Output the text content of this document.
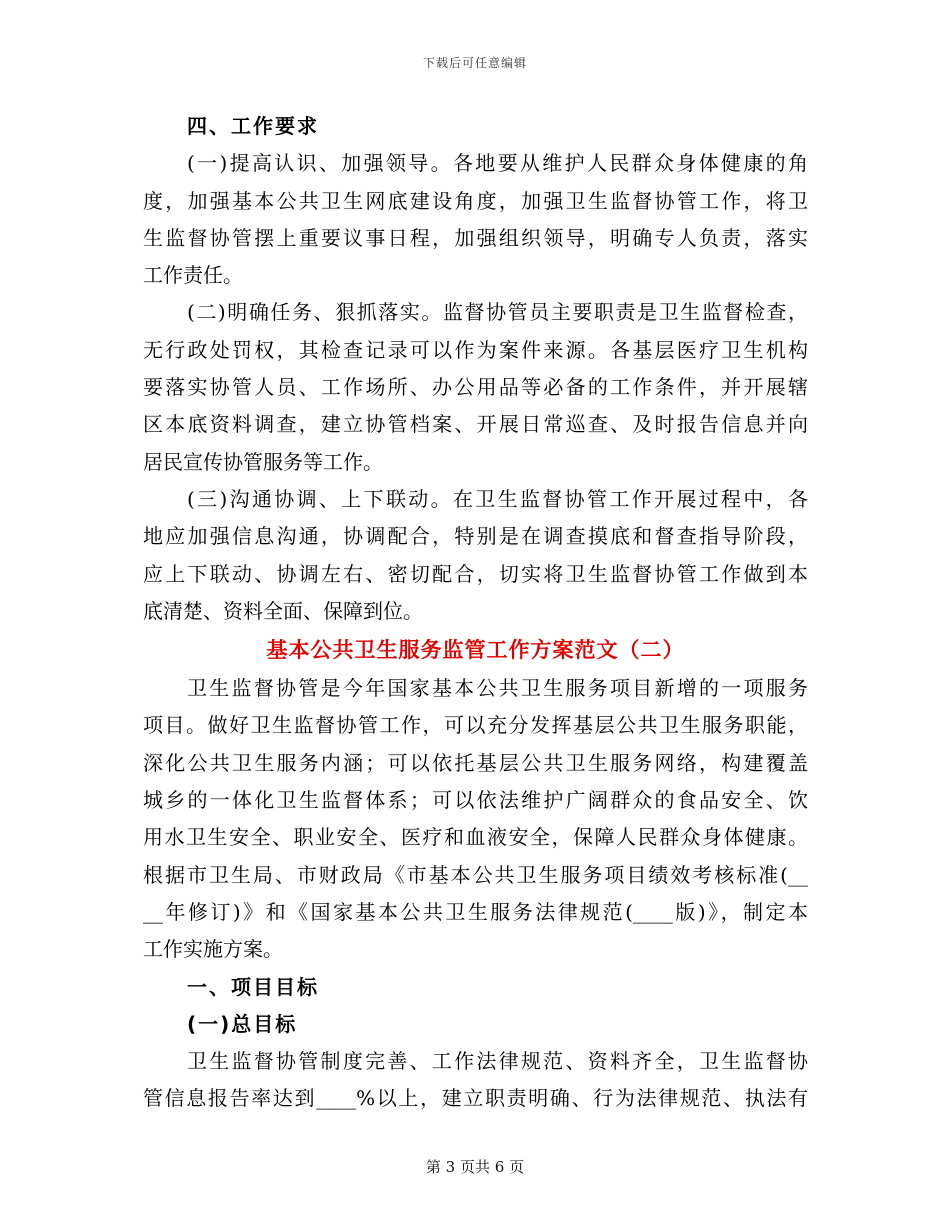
下载后可任意编辑
四、工作要求
(一)提高认识、加强领导。各地要从维护人民群众身体健康的角
度，加强基本公共卫生网底建设角度，加强卫生监督协管工作，将卫
生监督协管摆上重要议事日程，加强组织领导，明确专人负责，落实
工作责任。
(二)明确任务、狠抓落实。监督协管员主要职责是卫生监督检查，
无行政处罚权，其检查记录可以作为案件来源。各基层医疗卫生机构
要落实协管人员、工作场所、办公用品等必备的工作条件，并开展辖
区本底资料调查，建立协管档案、开展日常巡查、及时报告信息并向
居民宣传协管服务等工作。
(三)沟通协调、上下联动。在卫生监督协管工作开展过程中，各
地应加强信息沟通，协调配合，特别是在调查摸底和督查指导阶段，
应上下联动、协调左右、密切配合，切实将卫生监督协管工作做到本
底清楚、资料全面、保障到位。
基本公共卫生服务监管工作方案范文（二）
卫生监督协管是今年国家基本公共卫生服务项目新增的一项服务
项目。做好卫生监督协管工作，可以充分发挥基层公共卫生服务职能，
深化公共卫生服务内涵；可以依托基层公共卫生服务网络，构建覆盖
城乡的一体化卫生监督体系；可以依法维护广阔群众的食品安全、饮
用水卫生安全、职业安全、医疗和血液安全，保障人民群众身体健康。
根据市卫生局、市财政局《市基本公共卫生服务项目绩效考核标准(__
__年修订)》和《国家基本公共卫生服务法律规范(____版)》，制定本
工作实施方案。
一、项目目标
(一)总目标
卫生监督协管制度完善、工作法律规范、资料齐全，卫生监督协
管信息报告率达到____%以上，建立职责明确、行为法律规范、执法有
第 3 页共 6 页
